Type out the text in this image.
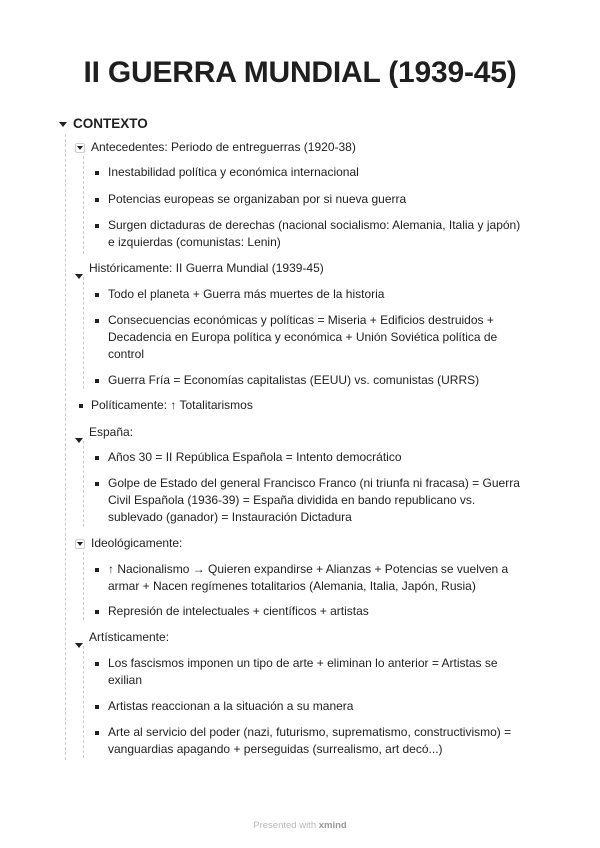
II GUERRA MUNDIAL (1939-45)
CONTEXTO
Antecedentes: Periodo de entreguerras (1920-38)
Inestabilidad política y económica internacional
Potencias europeas se organizaban por si nueva guerra
Surgen dictaduras de derechas (nacional socialismo: Alemania, Italia y japón)
e izquierdas (comunistas: Lenin)
Históricamente: II Guerra Mundial (1939-45)
Todo el planeta + Guerra más muertes de la historia
Consecuencias económicas y políticas = Miseria + Edificios destruidos +
Decadencia en Europa política y económica + Unión Soviética política de
control
Guerra Fría = Economías capitalistas (EEUU) vs. comunistas (URRS)
Políticamente: ↑ Totalitarismos
España:
Años 30 = II República Española = Intento democrático
Golpe de Estado del general Francisco Franco (ni triunfa ni fracasa) = Guerra
Civil Española (1936-39) = España dividida en bando republicano vs.
sublevado (ganador) = Instauración Dictadura
Ideológicamente:
↑ Nacionalismo → Quieren expandirse + Alianzas + Potencias se vuelven a
armar + Nacen regímenes totalitarios (Alemania, Italia, Japón, Rusia)
Represión de intelectuales + científicos + artistas
Artísticamente:
Los fascismos imponen un tipo de arte + eliminan lo anterior = Artistas se
exilian
Artistas reaccionan a la situación a su manera
Arte al servicio del poder (nazi, futurismo, suprematismo, constructivismo) =
vanguardias apagando + perseguidas (surrealismo, art decó...)
Presented with xmind
